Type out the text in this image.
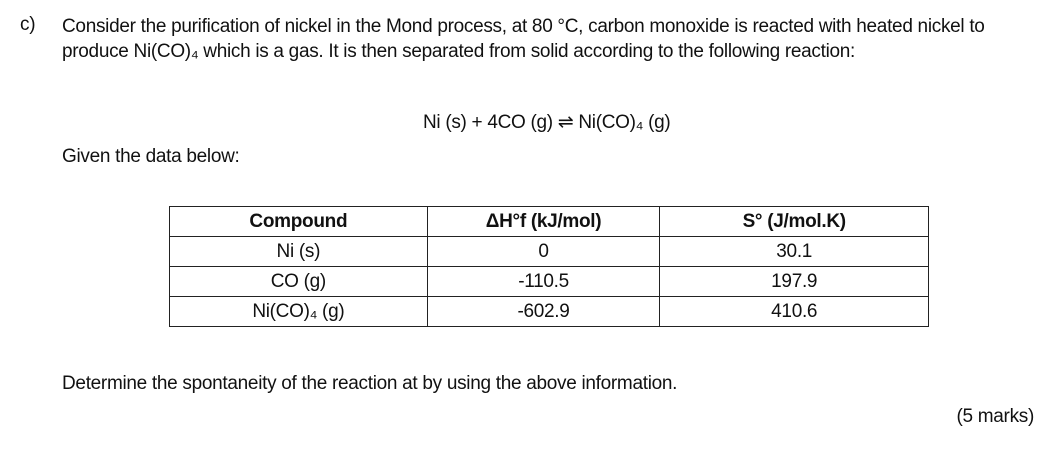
c) Consider the purification of nickel in the Mond process, at 80 °C, carbon monoxide is reacted with heated nickel to produce Ni(CO)₄ which is a gas. It is then separated from solid according to the following reaction:
Ni (s) + 4CO (g) ⇌ Ni(CO)₄ (g)
Given the data below:
Compound	ΔH°f (kJ/mol)	S° (J/mol.K)
Ni (s)	0	30.1
CO (g)	-110.5	197.9
Ni(CO)₄ (g)	-602.9	410.6
Determine the spontaneity of the reaction at by using the above information.
(5 marks)
